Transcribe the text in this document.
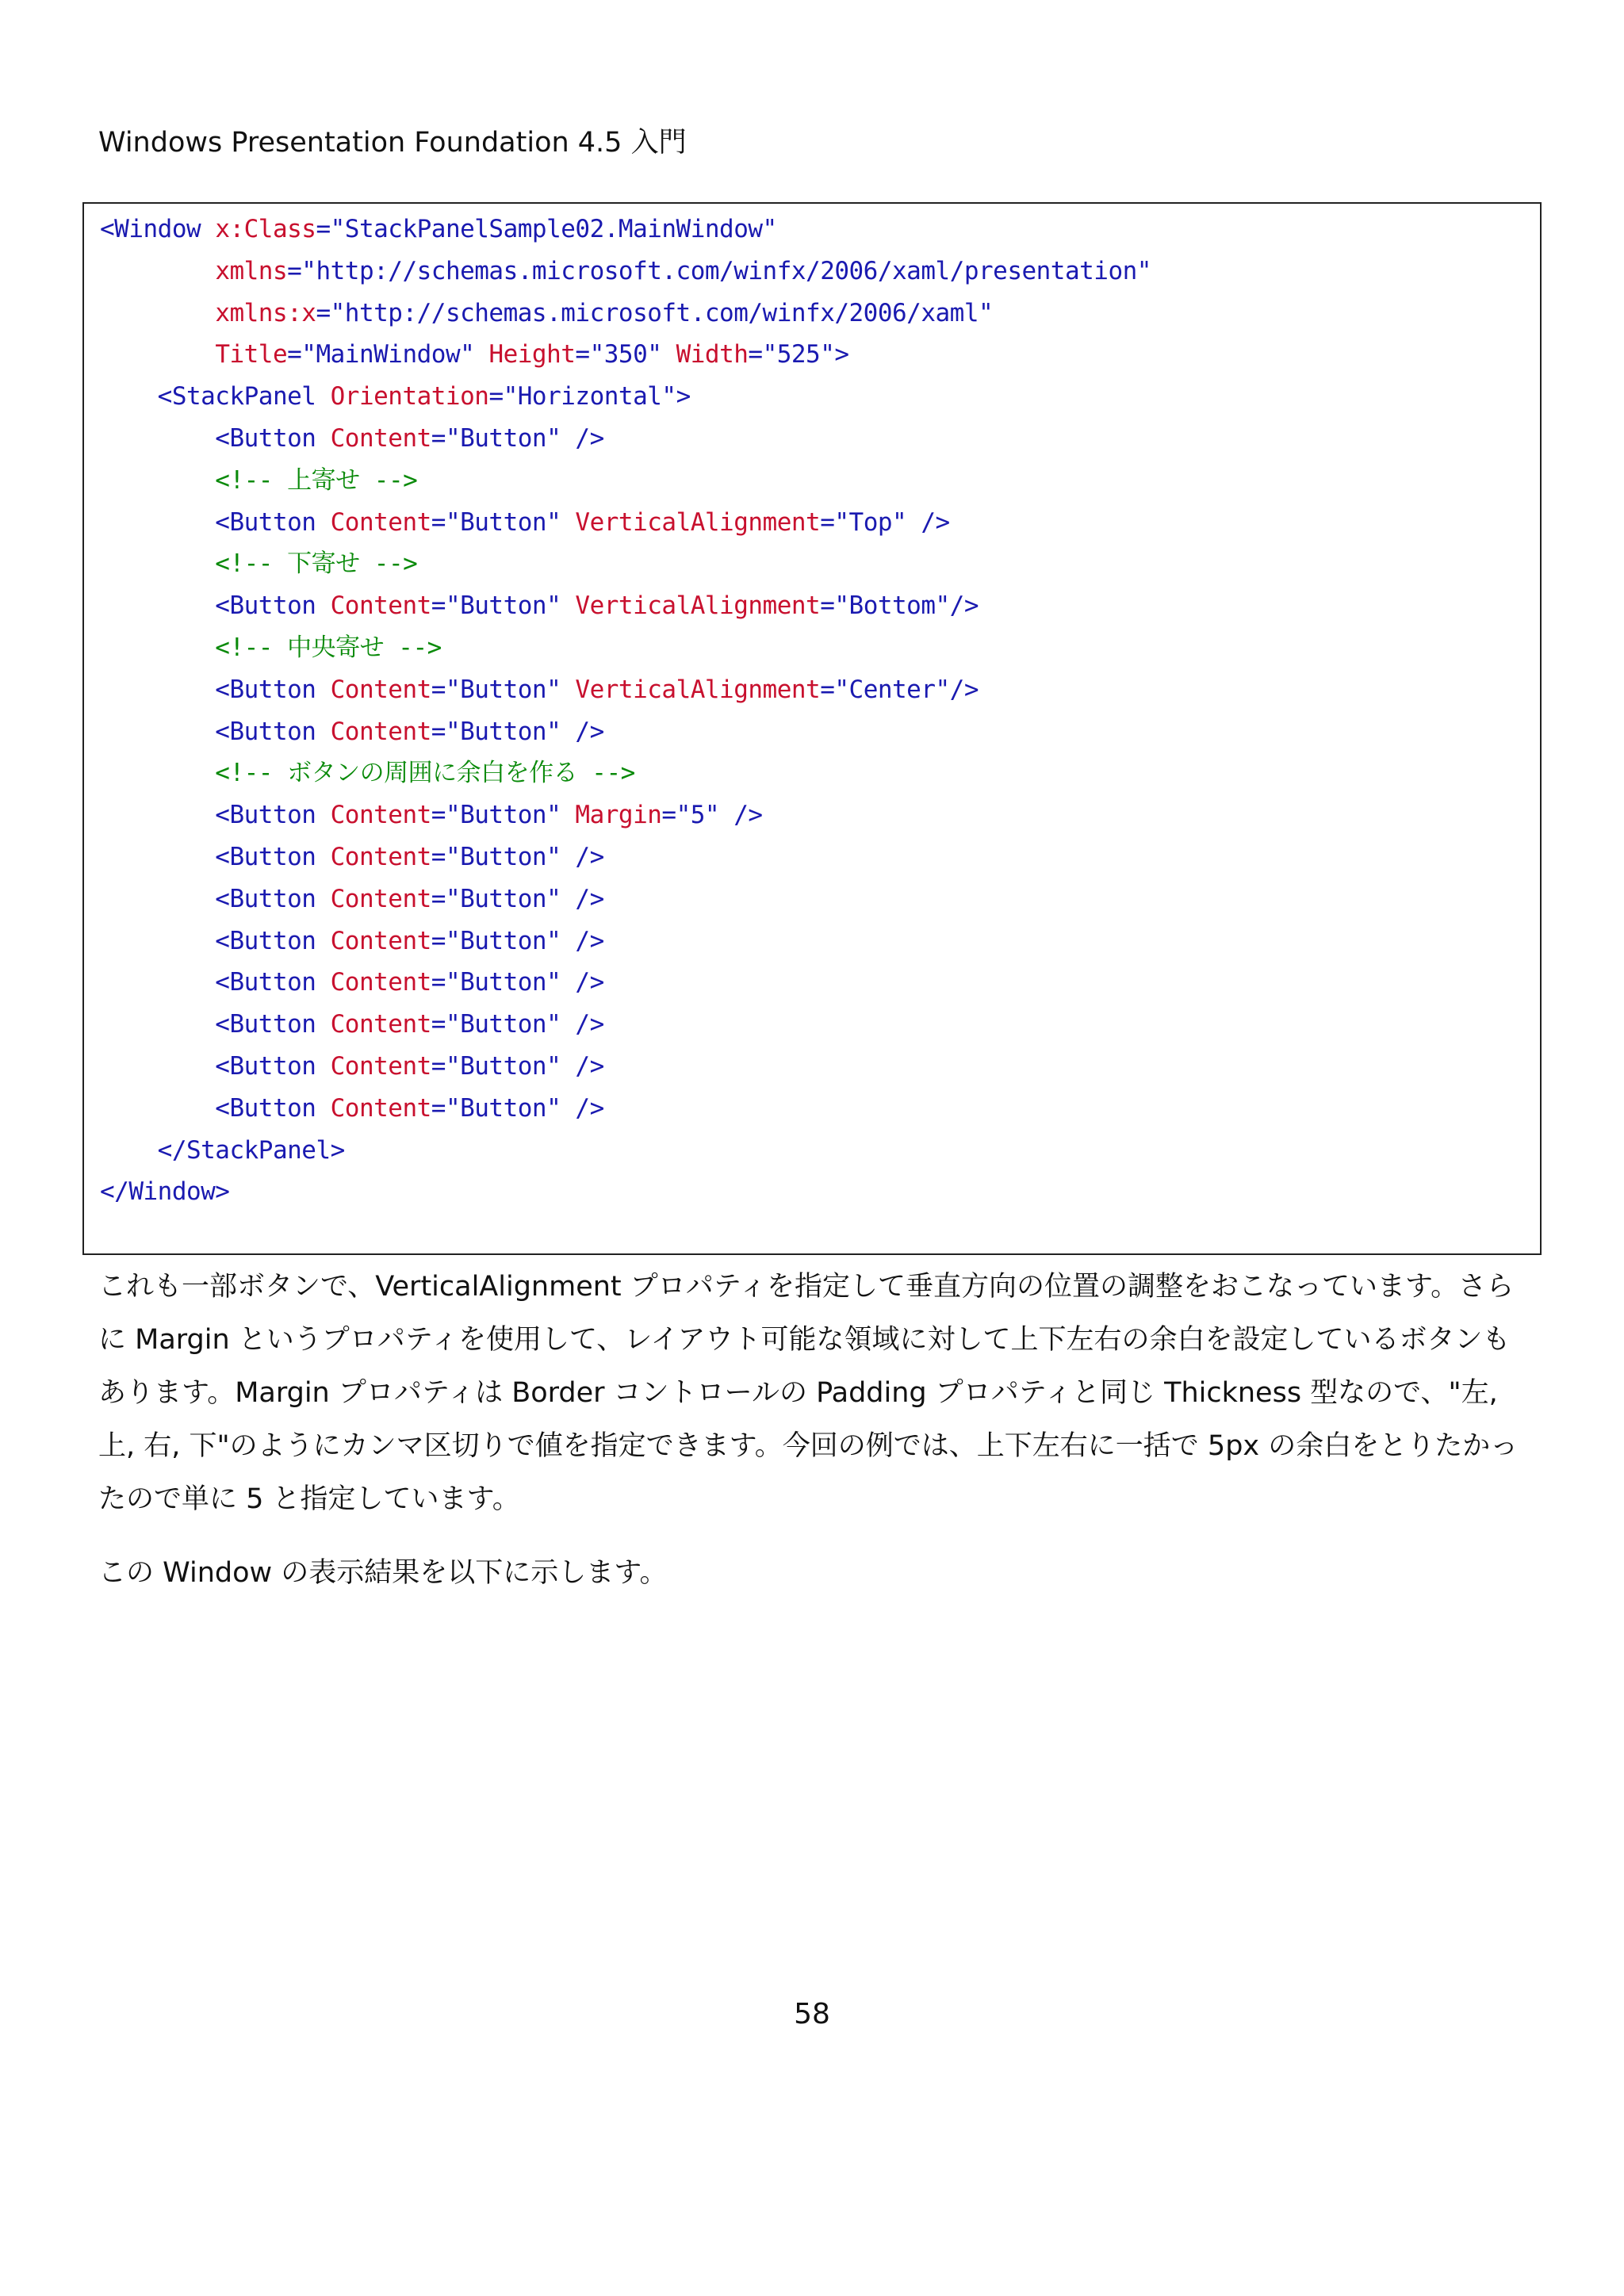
Windows Presentation Foundation 4.5 入門
<Window x:Class="StackPanelSample02.MainWindow"
xmlns="http://schemas.microsoft.com/winfx/2006/xaml/presentation"
xmlns:x="http://schemas.microsoft.com/winfx/2006/xaml"
Title="MainWindow" Height="350" Width="525">
<StackPanel Orientation="Horizontal">
<Button Content="Button" />
<!-- 上寄せ -->
<Button Content="Button" VerticalAlignment="Top" />
<!-- 下寄せ -->
<Button Content="Button" VerticalAlignment="Bottom"/>
<!-- 中央寄せ -->
<Button Content="Button" VerticalAlignment="Center"/>
<Button Content="Button" />
<!-- ボタンの周囲に余白を作る -->
<Button Content="Button" Margin="5" />
<Button Content="Button" />
<Button Content="Button" />
<Button Content="Button" />
<Button Content="Button" />
<Button Content="Button" />
<Button Content="Button" />
<Button Content="Button" />
</StackPanel>
</Window>

これも一部ボタンで、VerticalAlignment プロパティを指定して垂直方向の位置の調整をおこなっています。さらに Margin というプロパティを使用して、レイアウト可能な領域に対して上下左右の余白を設定しているボタンもあります。Margin プロパティは Border コントロールの Padding プロパティと同じ Thickness 型なので、"左, 上, 右, 下"のようにカンマ区切りで値を指定できます。今回の例では、上下左右に一括で 5px の余白をとりたかったので単に 5 と指定しています。

この Window の表示結果を以下に示します。

58
